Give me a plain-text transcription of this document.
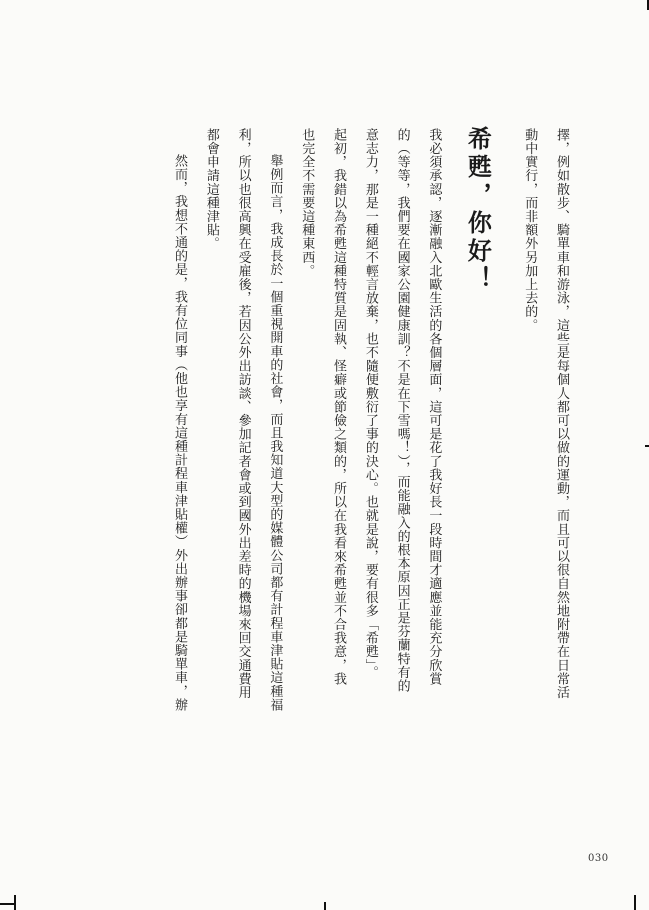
擇，例如散步、騎單車和游泳，這些是每個人都可以做的運動，而且可以很自然地附帶在日常活
動中實行，而非額外另加上去的。
希甦，你好！
我必須承認，逐漸融入北歐生活的各個層面，這可是花了我好長一段時間才適應並能充分欣賞
的（等等，我們要在國家公園健康訓？不是在下雪嗎！），而能融入的根本原因正是芬蘭特有的
意志力，那是一種絕不輕言放棄，也不隨便敷衍了事的決心。也就是說，要有很多「希甦」。
起初，我錯以為希甦這種特質是固執、怪癖或節儉之類的，所以在我看來希甦並不合我意，我
也完全不需要這種東西。
舉例而言，我成長於一個重視開車的社會，而且我知道大型的媒體公司都有計程車津貼這種福
利，所以也很高興在受雇後，若因公外出訪談、參加記者會或到國外出差時的機場來回交通費用
都會申請這種津貼。
然而，我想不通的是，我有位同事（他也享有這種計程車津貼權）外出辦事卻都是騎單車，辦
030
